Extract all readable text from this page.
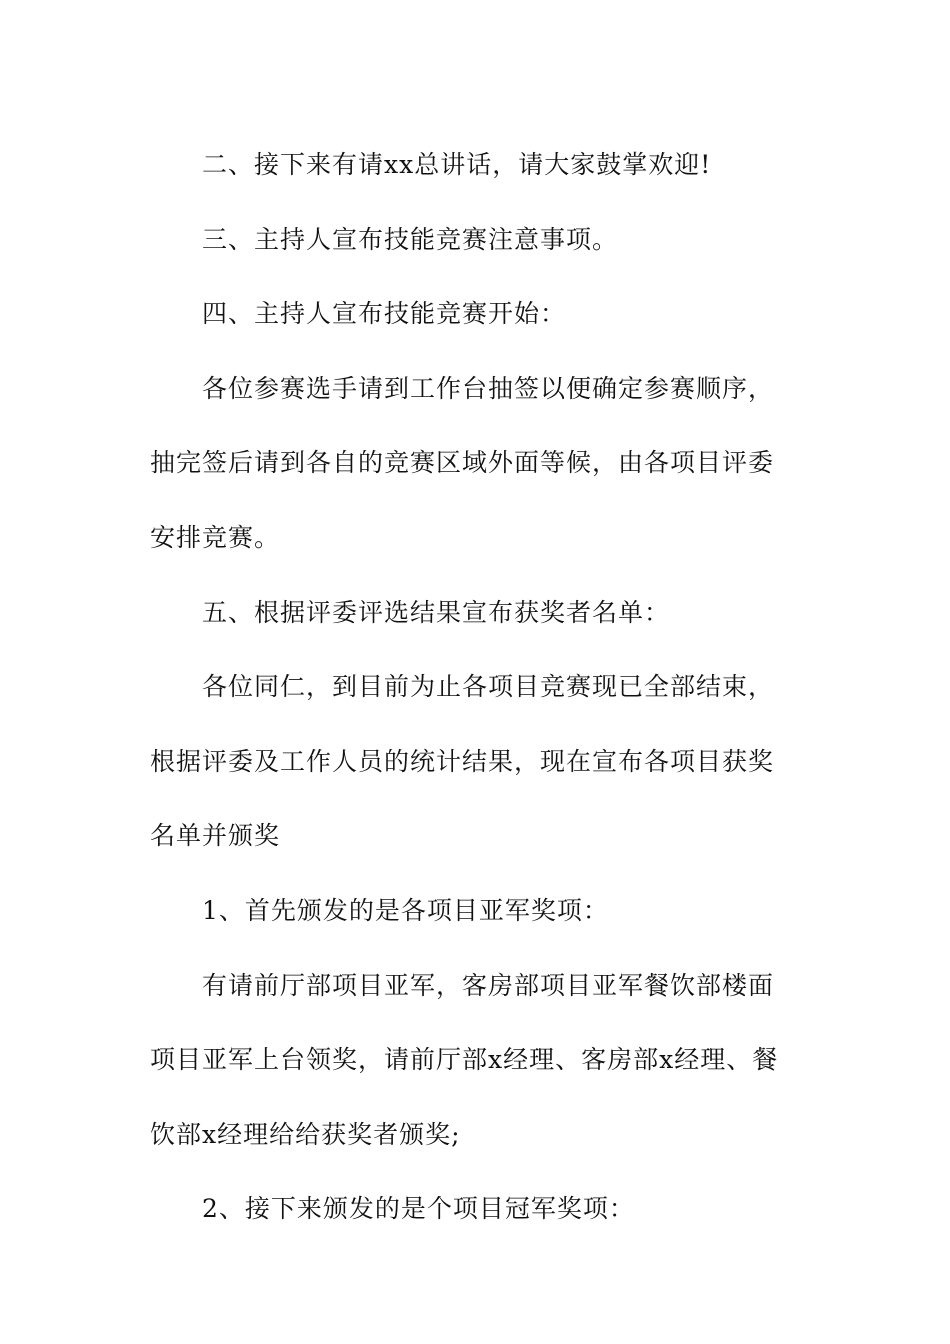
二、接下来有请xx总讲话，请大家鼓掌欢迎!

三、主持人宣布技能竞赛注意事项。

四、主持人宣布技能竞赛开始：

各位参赛选手请到工作台抽签以便确定参赛顺序，抽完签后请到各自的竞赛区域外面等候，由各项目评委安排竞赛。

五、根据评委评选结果宣布获奖者名单：

各位同仁，到目前为止各项目竞赛现已全部结束，根据评委及工作人员的统计结果，现在宣布各项目获奖名单并颁奖

1、首先颁发的是各项目亚军奖项：

有请前厅部项目亚军，客房部项目亚军餐饮部楼面项目亚军上台领奖，请前厅部x经理、客房部x经理、餐饮部x经理给给获奖者颁奖;

2、接下来颁发的是个项目冠军奖项：
